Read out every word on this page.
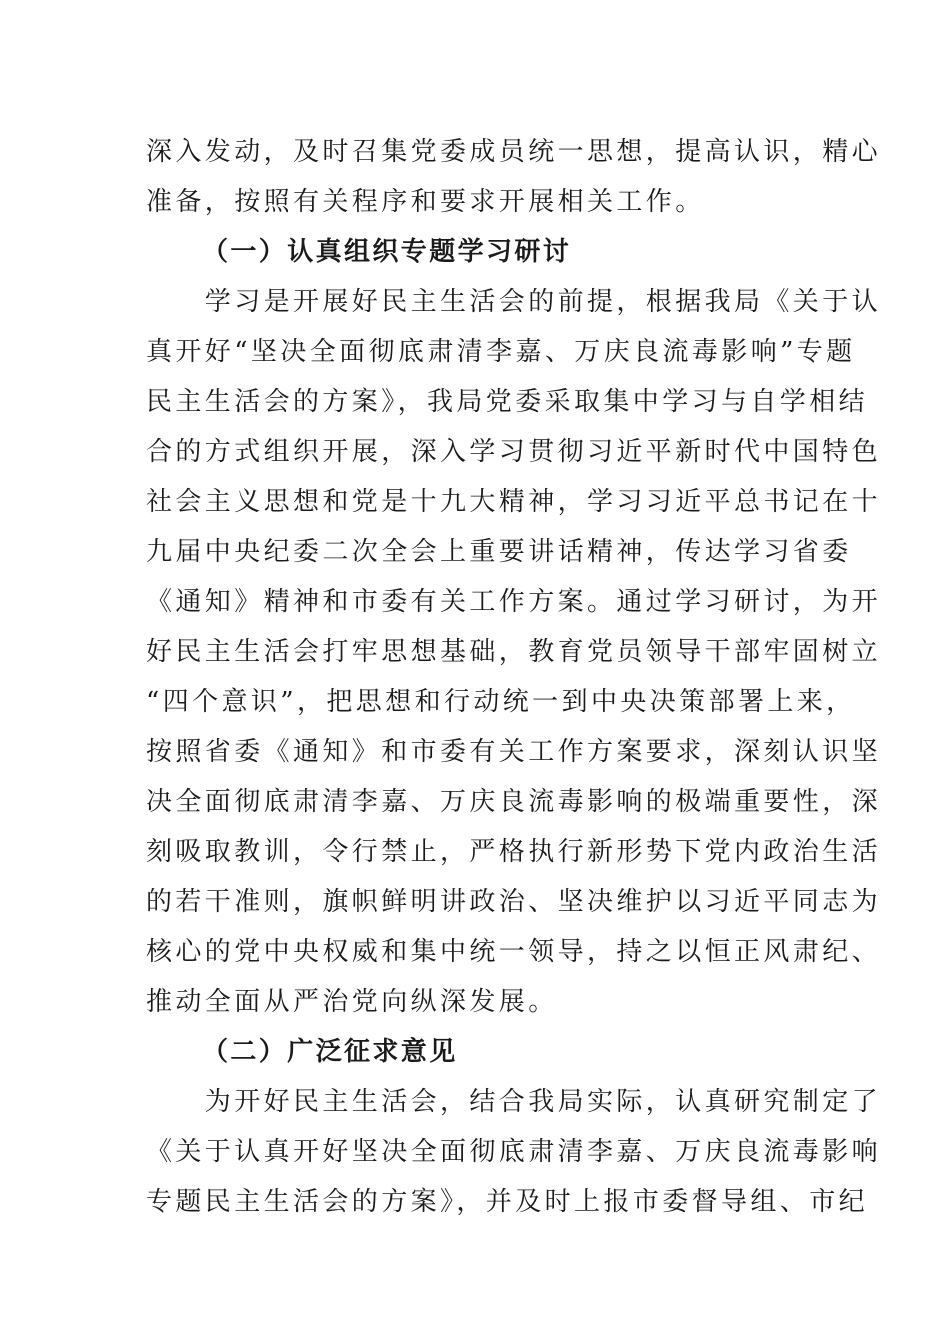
深入发动，及时召集党委成员统一思想，提高认识，精心
准备，按照有关程序和要求开展相关工作。
（一）认真组织专题学习研讨
　　学习是开展好民主生活会的前提，根据我局《关于认
真开好“坚决全面彻底肃清李嘉、万庆良流毒影响”专题
民主生活会的方案》，我局党委采取集中学习与自学相结
合的方式组织开展，深入学习贯彻习近平新时代中国特色
社会主义思想和党是十九大精神，学习习近平总书记在十
九届中央纪委二次全会上重要讲话精神，传达学习省委
《通知》精神和市委有关工作方案。通过学习研讨，为开
好民主生活会打牢思想基础，教育党员领导干部牢固树立
“四个意识”，把思想和行动统一到中央决策部署上来，
按照省委《通知》和市委有关工作方案要求，深刻认识坚
决全面彻底肃清李嘉、万庆良流毒影响的极端重要性，深
刻吸取教训，令行禁止，严格执行新形势下党内政治生活
的若干准则，旗帜鲜明讲政治、坚决维护以习近平同志为
核心的党中央权威和集中统一领导，持之以恒正风肃纪、
推动全面从严治党向纵深发展。
（二）广泛征求意见
　　为开好民主生活会，结合我局实际，认真研究制定了
《关于认真开好坚决全面彻底肃清李嘉、万庆良流毒影响
专题民主生活会的方案》，并及时上报市委督导组、市纪
